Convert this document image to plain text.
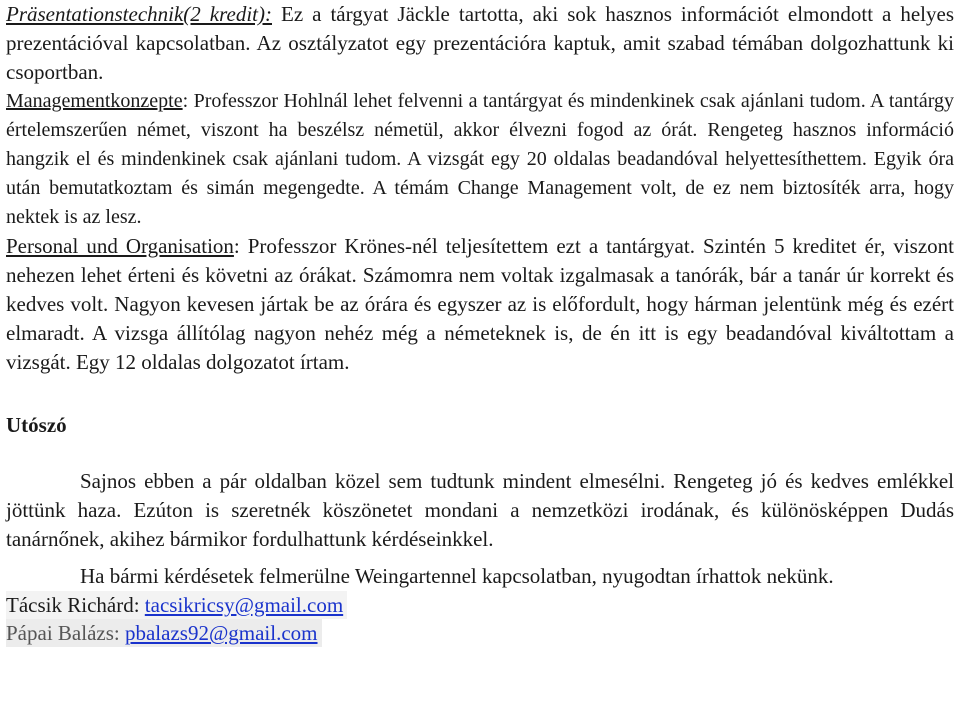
Präsentationstechnik(2 kredit): Ez a tárgyat Jäckle tartotta, aki sok hasznos információt elmondott a helyes prezentációval kapcsolatban. Az osztályzatot egy prezentációra kaptuk, amit szabad témában dolgozhattunk ki csoportban.

Managementkonzepte: Professzor Hohlnál lehet felvenni a tantárgyat és mindenkinek csak ajánlani tudom. A tantárgy értelemszerűen német, viszont ha beszélsz németül, akkor élvezni fogod az órát. Rengeteg hasznos információ hangzik el és mindenkinek csak ajánlani tudom. A vizsgát egy 20 oldalas beadandóval helyettesíthettem. Egyik óra után bemutatkoztam és simán megengedte. A témám Change Management volt, de ez nem biztosíték arra, hogy nektek is az lesz.

Personal und Organisation: Professzor Krönes-nél teljesítettem ezt a tantárgyat. Szintén 5 kreditet ér, viszont nehezen lehet érteni és követni az órákat. Számomra nem voltak izgalmasak a tanórák, bár a tanár úr korrekt és kedves volt. Nagyon kevesen jártak be az órára és egyszer az is előfordult, hogy hárman jelentünk még és ezért elmaradt. A vizsga állítólag nagyon nehéz még a németeknek is, de én itt is egy beadandóval kiváltottam a vizsgát. Egy 12 oldalas dolgozatot írtam.

Utószó

Sajnos ebben a pár oldalban közel sem tudtunk mindent elmesélni. Rengeteg jó és kedves emlékkel jöttünk haza. Ezúton is szeretnék köszönetet mondani a nemzetközi irodának, és különösképpen Dudás tanárnőnek, akihez bármikor fordulhattunk kérdéseinkkel.

Ha bármi kérdésetek felmerülne Weingartennel kapcsolatban, nyugodtan írhattok nekünk.

Tácsik Richárd: tacsikricsy@gmail.com
Pápai Balázs: pbalazs92@gmail.com
